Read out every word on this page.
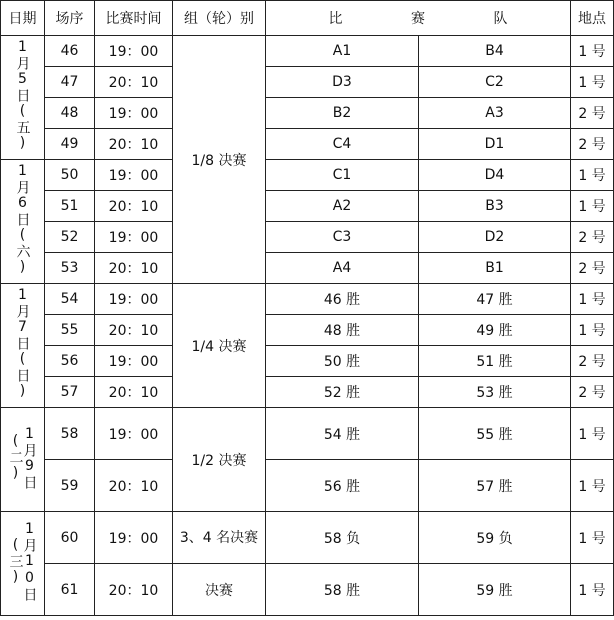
日期	场序	比赛时间	组（轮）别	比 赛 队		地点
1月5日(五)	46	19：00	1/8 决赛	A1	B4	1 号
	47	20：10		D3	C2	1 号
	48	19：00		B2	A3	2 号
	49	20：10		C4	D1	2 号
1月6日(六)	50	19：00		C1	D4	1 号
	51	20：10		A2	B3	1 号
	52	19：00		C3	D2	2 号
	53	20：10		A4	B1	2 号
1月7日(日)	54	19：00	1/4 决赛	46 胜	47 胜	1 号
	55	20：10		48 胜	49 胜	1 号
	56	19：00		50 胜	51 胜	2 号
	57	20：10		52 胜	53 胜	2 号
1月9日(二)	58	19：00	1/2 决赛	54 胜	55 胜	1 号
	59	20：10		56 胜	57 胜	1 号
1月10日(三)	60	19：00	3、4 名决赛	58 负	59 负	1 号
	61	20：10	决赛	58 胜	59 胜	1 号
